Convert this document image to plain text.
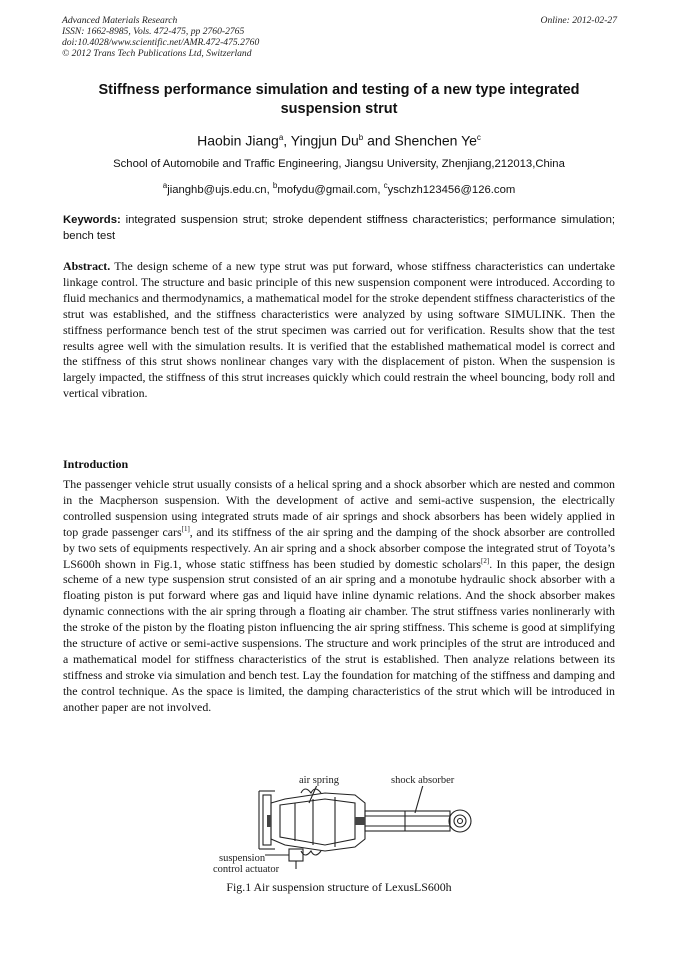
Advanced Materials Research
ISSN: 1662-8985, Vols. 472-475, pp 2760-2765
doi:10.4028/www.scientific.net/AMR.472-475.2760
© 2012 Trans Tech Publications Ltd, Switzerland
Online: 2012-02-27
Stiffness performance simulation and testing of a new type integrated
suspension strut
Haobin Jiang$^a$, Yingjun Du$^b$ and Shenchen Ye$^c$
School of Automobile and Traffic Engineering, Jiangsu University, Zhenjiang,212013,China
$^a$jianghb@ujs.edu.cn, $^b$mofydu@gmail.com, $^c$yschzh123456@126.com
Keywords: integrated suspension strut; stroke dependent stiffness characteristics; performance simulation; bench test
Abstract. The design scheme of a new type strut was put forward, whose stiffness characteristics can undertake linkage control. The structure and basic principle of this new suspension component were introduced. According to fluid mechanics and thermodynamics, a mathematical model for the stroke dependent stiffness characteristics of the strut was established, and the stiffness characteristics were analyzed by using software SIMULINK. Then the stiffness performance bench test of the strut specimen was carried out for verification. Results show that the test results agree well with the simulation results. It is verified that the established mathematical model is correct and the stiffness of this strut shows nonlinear changes vary with the displacement of piston. When the suspension is largely impacted, the stiffness of this strut increases quickly which could restrain the wheel bouncing, body roll and vertical vibration.
Introduction
The passenger vehicle strut usually consists of a helical spring and a shock absorber which are nested and common in the Macpherson suspension. With the development of active and semi-active suspension, the electrically controlled suspension using integrated struts made of air springs and shock absorbers has been widely applied in top grade passenger cars[1], and its stiffness of the air spring and the damping of the shock absorber are controlled by two sets of equipments respectively. An air spring and a shock absorber compose the integrated strut of Toyota’s LS600h shown in Fig.1, whose static stiffness has been studied by domestic scholars[2]. In this paper, the design scheme of a new type suspension strut consisted of an air spring and a monotube hydraulic shock absorber with a floating piston is put forward where gas and liquid have inline dynamic relations. And the shock absorber makes dynamic connections with the air spring through a floating air chamber. The strut stiffness varies nonlinerarly with the stroke of the piston by the floating piston influencing the air spring stiffness. This scheme is good at simplifying the structure of active or semi-active suspensions. The structure and work principles of the strut are introduced and a mathematical model for stiffness characteristics of the strut is established. Then analyze relations between its stiffness and stroke via simulation and bench test. Lay the foundation for matching of the stiffness and damping and the control technique. As the space is limited, the damping characteristics of the strut which will be introduced in another paper are not involved.
air spring	shock absorber
suspension
control actuator
Fig.1 Air suspension structure of LexusLS600h
